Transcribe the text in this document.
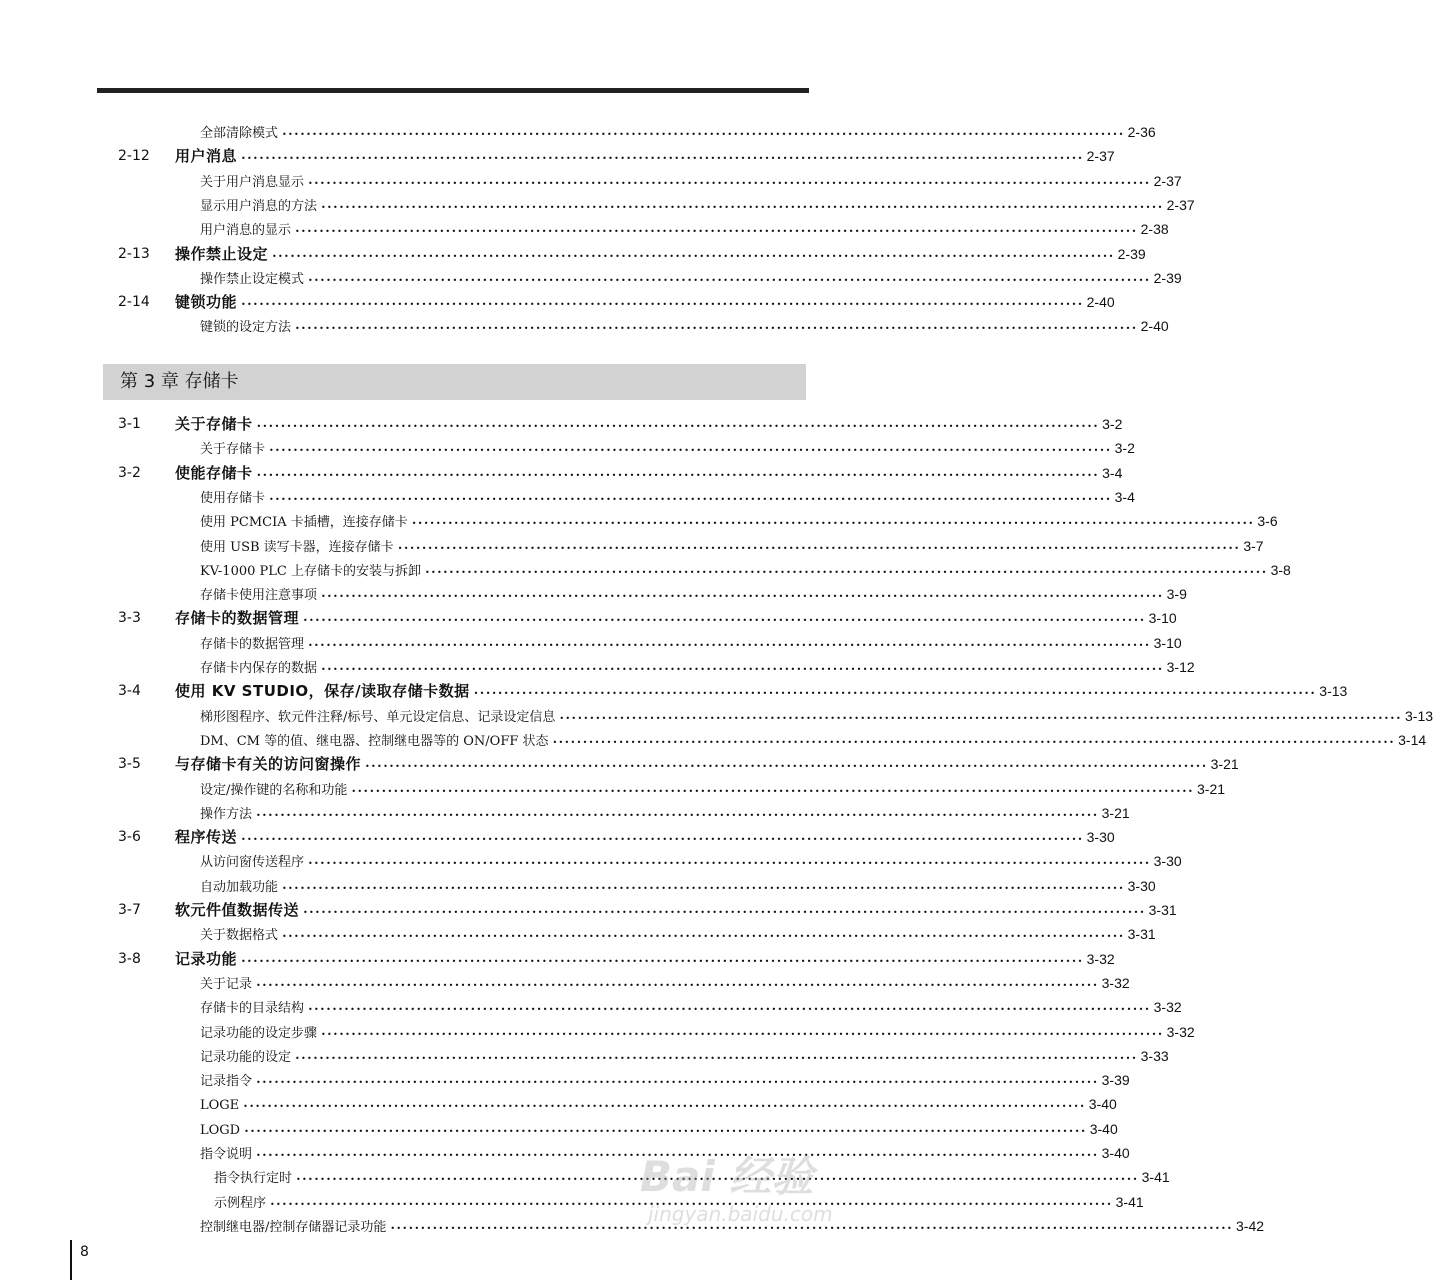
全部清除模式 •••••••••••••••••••••••••••••••••••••••••••••••••••••••••••••••••••••••••••••••••••••••••••••••••••••••••••••••••••••••••••••••••••••••••••• 2-36
2-12 用户消息 •••••••••••••••••••••••••••••••••••••••••••••••••••••••••••••••••••••••••••••••••••••••••••••••••••••••••••••••••••••••••••••••••••••••••••• 2-37
关于用户消息显示 •••••••••••••••••••••••••••••••••••••••••••••••••••••••••••••••••••••••••••••••••••••••••••••••••••••••••••••••••••••••••••••••••••••••••••• 2-37
显示用户消息的方法 •••••••••••••••••••••••••••••••••••••••••••••••••••••••••••••••••••••••••••••••••••••••••••••••••••••••••••••••••••••••••••••••••••••••••••• 2-37
用户消息的显示 •••••••••••••••••••••••••••••••••••••••••••••••••••••••••••••••••••••••••••••••••••••••••••••••••••••••••••••••••••••••••••••••••••••••••••• 2-38
2-13 操作禁止设定 •••••••••••••••••••••••••••••••••••••••••••••••••••••••••••••••••••••••••••••••••••••••••••••••••••••••••••••••••••••••••••••••••••••••••••• 2-39
操作禁止设定模式 •••••••••••••••••••••••••••••••••••••••••••••••••••••••••••••••••••••••••••••••••••••••••••••••••••••••••••••••••••••••••••••••••••••••••••• 2-39
2-14 键锁功能 •••••••••••••••••••••••••••••••••••••••••••••••••••••••••••••••••••••••••••••••••••••••••••••••••••••••••••••••••••••••••••••••••••••••••••• 2-40
键锁的设定方法 •••••••••••••••••••••••••••••••••••••••••••••••••••••••••••••••••••••••••••••••••••••••••••••••••••••••••••••••••••••••••••••••••••••••••••• 2-40
第 3 章 存储卡
3-1 关于存储卡 •••••••••••••••••••••••••••••••••••••••••••••••••••••••••••••••••••••••••••••••••••••••••••••••••••••••••••••••••••••••••••••••••••••••••••• 3-2
关于存储卡 •••••••••••••••••••••••••••••••••••••••••••••••••••••••••••••••••••••••••••••••••••••••••••••••••••••••••••••••••••••••••••••••••••••••••••• 3-2
3-2 使能存储卡 •••••••••••••••••••••••••••••••••••••••••••••••••••••••••••••••••••••••••••••••••••••••••••••••••••••••••••••••••••••••••••••••••••••••••••• 3-4
使用存储卡 •••••••••••••••••••••••••••••••••••••••••••••••••••••••••••••••••••••••••••••••••••••••••••••••••••••••••••••••••••••••••••••••••••••••••••• 3-4
使用 PCMCIA 卡插槽，连接存储卡 •••••••••••••••••••••••••••••••••••••••••••••••••••••••••••••••••••••••••••••••••••••••••••••••••••••••••••••••••••••••••••••••••••••••••••• 3-6
使用 USB 读写卡器，连接存储卡 •••••••••••••••••••••••••••••••••••••••••••••••••••••••••••••••••••••••••••••••••••••••••••••••••••••••••••••••••••••••••••••••••••••••••••• 3-7
KV-1000 PLC 上存储卡的安装与拆卸 •••••••••••••••••••••••••••••••••••••••••••••••••••••••••••••••••••••••••••••••••••••••••••••••••••••••••••••••••••••••••••••••••••••••••••• 3-8
存储卡使用注意事项 •••••••••••••••••••••••••••••••••••••••••••••••••••••••••••••••••••••••••••••••••••••••••••••••••••••••••••••••••••••••••••••••••••••••••••• 3-9
3-3 存储卡的数据管理 •••••••••••••••••••••••••••••••••••••••••••••••••••••••••••••••••••••••••••••••••••••••••••••••••••••••••••••••••••••••••••••••••••••••••••• 3-10
存储卡的数据管理 •••••••••••••••••••••••••••••••••••••••••••••••••••••••••••••••••••••••••••••••••••••••••••••••••••••••••••••••••••••••••••••••••••••••••••• 3-10
存储卡内保存的数据 •••••••••••••••••••••••••••••••••••••••••••••••••••••••••••••••••••••••••••••••••••••••••••••••••••••••••••••••••••••••••••••••••••••••••••• 3-12
3-4 使用 KV STUDIO，保存/读取存储卡数据 •••••••••••••••••••••••••••••••••••••••••••••••••••••••••••••••••••••••••••••••••••••••••••••••••••••••••••••••••••••••••••••••••••••••••••• 3-13
梯形图程序、软元件注释/标号、单元设定信息、记录设定信息 •••••••••••••••••••••••••••••••••••••••••••••••••••••••••••••••••••••••••••••••••••••••••••••••••••••••••••••••••••••••••••••••••••••••••••• 3-13
DM、CM 等的值、继电器、控制继电器等的 ON/OFF 状态 •••••••••••••••••••••••••••••••••••••••••••••••••••••••••••••••••••••••••••••••••••••••••••••••••••••••••••••••••••••••••••••••••••••••••••• 3-14
3-5 与存储卡有关的访问窗操作 •••••••••••••••••••••••••••••••••••••••••••••••••••••••••••••••••••••••••••••••••••••••••••••••••••••••••••••••••••••••••••••••••••••••••••• 3-21
设定/操作键的名称和功能 •••••••••••••••••••••••••••••••••••••••••••••••••••••••••••••••••••••••••••••••••••••••••••••••••••••••••••••••••••••••••••••••••••••••••••• 3-21
操作方法 •••••••••••••••••••••••••••••••••••••••••••••••••••••••••••••••••••••••••••••••••••••••••••••••••••••••••••••••••••••••••••••••••••••••••••• 3-21
3-6 程序传送 •••••••••••••••••••••••••••••••••••••••••••••••••••••••••••••••••••••••••••••••••••••••••••••••••••••••••••••••••••••••••••••••••••••••••••• 3-30
从访问窗传送程序 •••••••••••••••••••••••••••••••••••••••••••••••••••••••••••••••••••••••••••••••••••••••••••••••••••••••••••••••••••••••••••••••••••••••••••• 3-30
自动加载功能 •••••••••••••••••••••••••••••••••••••••••••••••••••••••••••••••••••••••••••••••••••••••••••••••••••••••••••••••••••••••••••••••••••••••••••• 3-30
3-7 软元件值数据传送 •••••••••••••••••••••••••••••••••••••••••••••••••••••••••••••••••••••••••••••••••••••••••••••••••••••••••••••••••••••••••••••••••••••••••••• 3-31
关于数据格式 •••••••••••••••••••••••••••••••••••••••••••••••••••••••••••••••••••••••••••••••••••••••••••••••••••••••••••••••••••••••••••••••••••••••••••• 3-31
3-8 记录功能 •••••••••••••••••••••••••••••••••••••••••••••••••••••••••••••••••••••••••••••••••••••••••••••••••••••••••••••••••••••••••••••••••••••••••••• 3-32
关于记录 •••••••••••••••••••••••••••••••••••••••••••••••••••••••••••••••••••••••••••••••••••••••••••••••••••••••••••••••••••••••••••••••••••••••••••• 3-32
存储卡的目录结构 •••••••••••••••••••••••••••••••••••••••••••••••••••••••••••••••••••••••••••••••••••••••••••••••••••••••••••••••••••••••••••••••••••••••••••• 3-32
记录功能的设定步骤 •••••••••••••••••••••••••••••••••••••••••••••••••••••••••••••••••••••••••••••••••••••••••••••••••••••••••••••••••••••••••••••••••••••••••••• 3-32
记录功能的设定 •••••••••••••••••••••••••••••••••••••••••••••••••••••••••••••••••••••••••••••••••••••••••••••••••••••••••••••••••••••••••••••••••••••••••••• 3-33
记录指令 •••••••••••••••••••••••••••••••••••••••••••••••••••••••••••••••••••••••••••••••••••••••••••••••••••••••••••••••••••••••••••••••••••••••••••• 3-39
LOGE •••••••••••••••••••••••••••••••••••••••••••••••••••••••••••••••••••••••••••••••••••••••••••••••••••••••••••••••••••••••••••••••••••••••••••• 3-40
LOGD •••••••••••••••••••••••••••••••••••••••••••••••••••••••••••••••••••••••••••••••••••••••••••••••••••••••••••••••••••••••••••••••••••••••••••• 3-40
指令说明 •••••••••••••••••••••••••••••••••••••••••••••••••••••••••••••••••••••••••••••••••••••••••••••••••••••••••••••••••••••••••••••••••••••••••••• 3-40
指令执行定时 •••••••••••••••••••••••••••••••••••••••••••••••••••••••••••••••••••••••••••••••••••••••••••••••••••••••••••••••••••••••••••••••••••••••••••• 3-41
示例程序 •••••••••••••••••••••••••••••••••••••••••••••••••••••••••••••••••••••••••••••••••••••••••••••••••••••••••••••••••••••••••••••••••••••••••••• 3-41
控制继电器/控制存储器记录功能 •••••••••••••••••••••••••••••••••••••••••••••••••••••••••••••••••••••••••••••••••••••••••••••••••••••••••••••••••••••••••••••••••••••••••••• 3-42
8
Bai 经验
jingyan.baidu.com
